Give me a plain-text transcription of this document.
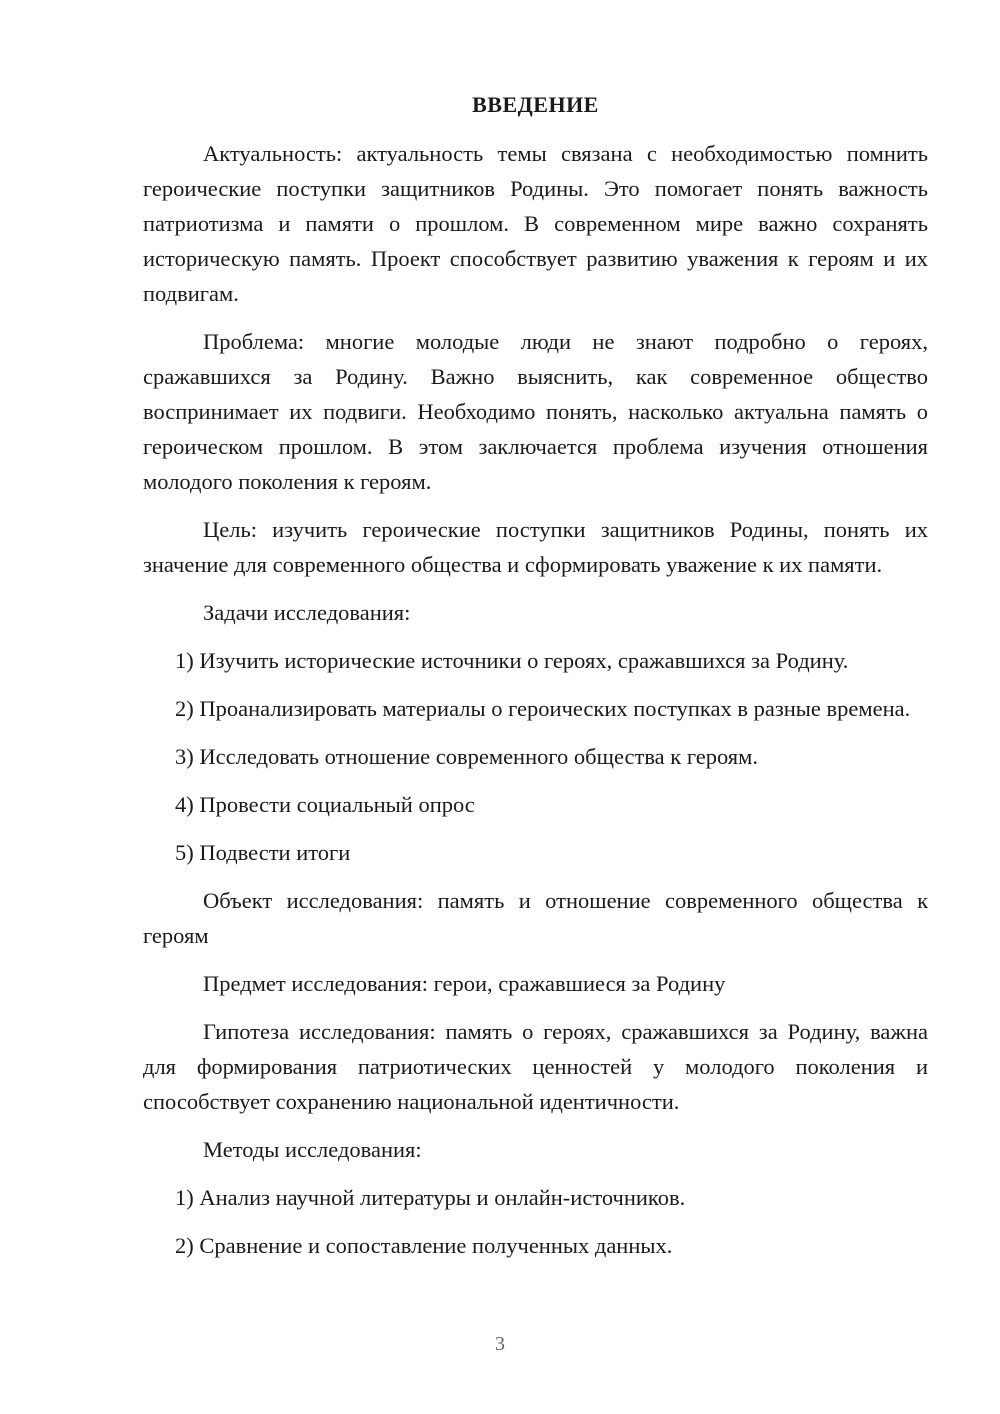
ВВЕДЕНИЕ

Актуальность: актуальность темы связана с необходимостью помнить героические поступки защитников Родины. Это помогает понять важность патриотизма и памяти о прошлом. В современном мире важно сохранять историческую память. Проект способствует развитию уважения к героям и их подвигам.

Проблема: многие молодые люди не знают подробно о героях, сражавшихся за Родину. Важно выяснить, как современное общество воспринимает их подвиги. Необходимо понять, насколько актуальна память о героическом прошлом. В этом заключается проблема изучения отношения молодого поколения к героям.

Цель: изучить героические поступки защитников Родины, понять их значение для современного общества и сформировать уважение к их памяти.

Задачи исследования:

1) Изучить исторические источники о героях, сражавшихся за Родину.

2) Проанализировать материалы о героических поступках в разные времена.

3) Исследовать отношение современного общества к героям.

4) Провести социальный опрос

5) Подвести итоги

Объект исследования: память и отношение современного общества к героям

Предмет исследования: герои, сражавшиеся за Родину

Гипотеза исследования: память о героях, сражавшихся за Родину, важна для формирования патриотических ценностей у молодого поколения и способствует сохранению национальной идентичности.

Методы исследования:

1) Анализ научной литературы и онлайн-источников.

2) Сравнение и сопоставление полученных данных.

3
